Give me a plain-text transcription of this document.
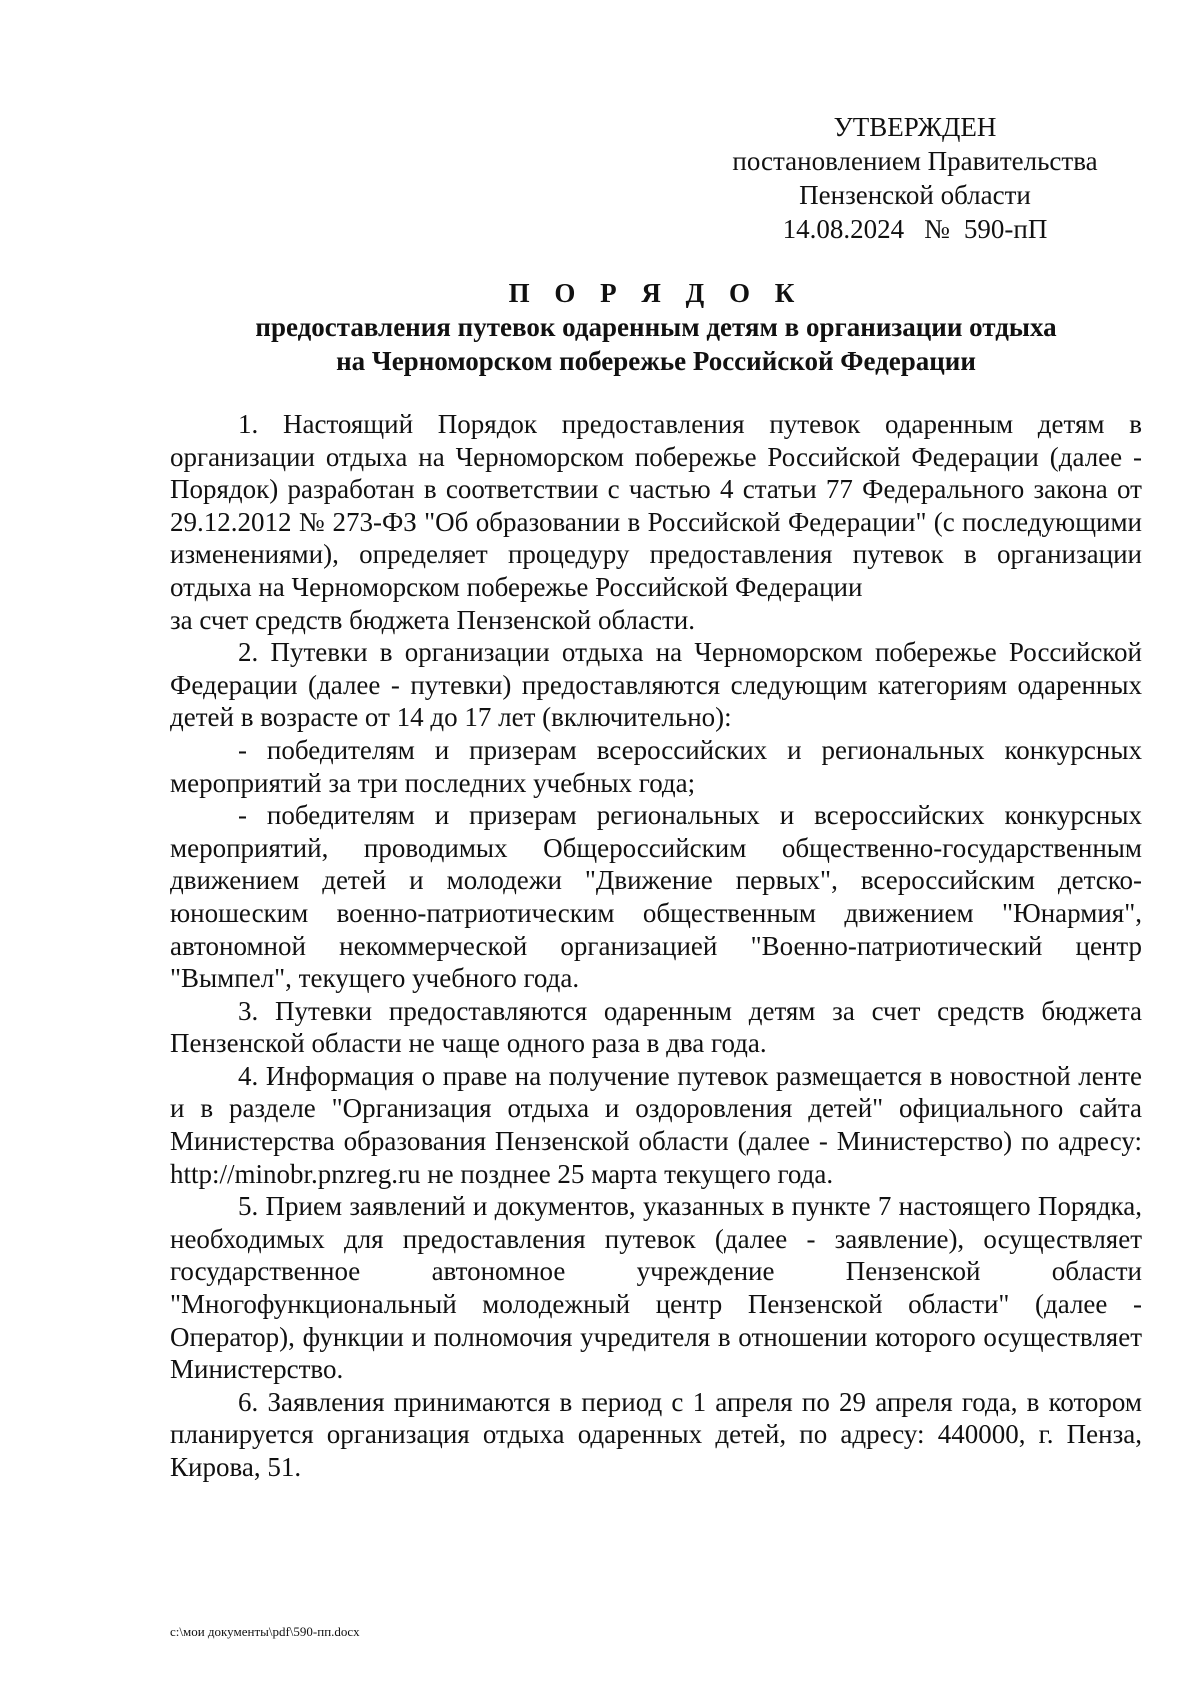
УТВЕРЖДЕН
постановлением Правительства
Пензенской области
14.08.2024 № 590-пП
П О Р Я Д О К
предоставления путевок одаренным детям в организации отдыха
на Черноморском побережье Российской Федерации

1. Настоящий Порядок предоставления путевок одаренным детям в организации отдыха на Черноморском побережье Российской Федерации (далее - Порядок) разработан в соответствии с частью 4 статьи 77 Федерального закона от 29.12.2012 № 273-ФЗ "Об образовании в Российской Федерации" (с последующими изменениями), определяет процедуру предоставления путевок в организации отдыха на Черноморском побережье Российской Федерации

за счет средств бюджета Пензенской области.

2. Путевки в организации отдыха на Черноморском побережье Российской Федерации (далее - путевки) предоставляются следующим категориям одаренных детей в возрасте от 14 до 17 лет (включительно):

- победителям и призерам всероссийских и региональных конкурсных мероприятий за три последних учебных года;

- победителям и призерам региональных и всероссийских конкурсных мероприятий, проводимых Общероссийским общественно-государственным движением детей и молодежи "Движение первых", всероссийским детско-юношеским военно-патриотическим общественным движением "Юнармия", автономной некоммерческой организацией "Военно-патриотический центр "Вымпел", текущего учебного года.

3. Путевки предоставляются одаренным детям за счет средств бюджета Пензенской области не чаще одного раза в два года.

4. Информация о праве на получение путевок размещается в новостной ленте и в разделе "Организация отдыха и оздоровления детей" официального сайта Министерства образования Пензенской области (далее - Министерство) по адресу: http://minobr.pnzreg.ru не позднее 25 марта текущего года.

5. Прием заявлений и документов, указанных в пункте 7 настоящего Порядка, необходимых для предоставления путевок (далее - заявление), осуществляет государственное автономное учреждение Пензенской области "Многофункциональный молодежный центр Пензенской области" (далее - Оператор), функции и полномочия учредителя в отношении которого осуществляет Министерство.

6. Заявления принимаются в период с 1 апреля по 29 апреля года, в котором планируется организация отдыха одаренных детей, по адресу: 440000, г. Пенза, Кирова, 51.

c:\мои документы\pdf\590-пп.docx
